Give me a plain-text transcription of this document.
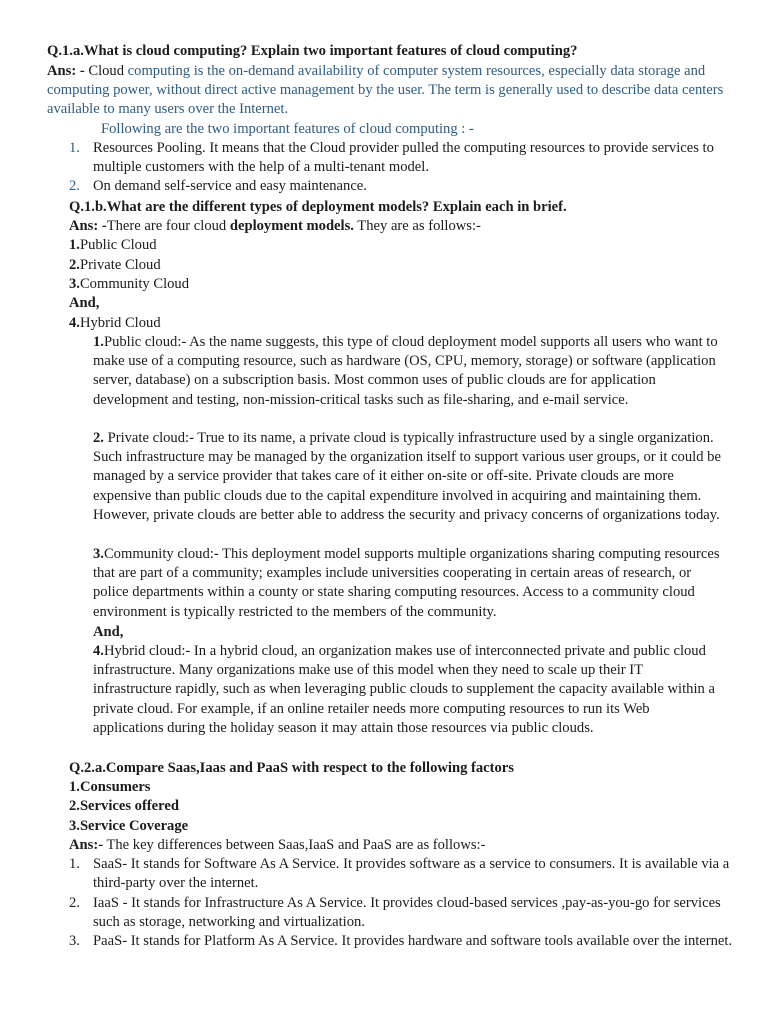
Q.1.a.What is cloud computing? Explain two important features of cloud computing?

Ans: - Cloud computing is the on-demand availability of computer system resources, especially data storage and computing power, without direct active management by the user. The term is generally used to describe data centers available to many users over the Internet.

Following are the two important features of cloud computing : -

1. Resources Pooling. It means that the Cloud provider pulled the computing resources to provide services to multiple customers with the help of a multi-tenant model.

2. On demand self-service and easy maintenance.

Q.1.b.What are the different types of deployment models? Explain each in brief.

Ans: -There are four cloud deployment models. They are as follows:-

1.Public Cloud

2.Private Cloud

3.Community Cloud

And,

4.Hybrid Cloud

1.Public cloud:- As the name suggests, this type of cloud deployment model supports all users who want to make use of a computing resource, such as hardware (OS, CPU, memory, storage) or software (application server, database) on a subscription basis. Most common uses of public clouds are for application development and testing, non-mission-critical tasks such as file-sharing, and e-mail service.

2. Private cloud:- True to its name, a private cloud is typically infrastructure used by a single organization. Such infrastructure may be managed by the organization itself to support various user groups, or it could be managed by a service provider that takes care of it either on-site or off-site. Private clouds are more expensive than public clouds due to the capital expenditure involved in acquiring and maintaining them. However, private clouds are better able to address the security and privacy concerns of organizations today.

3.Community cloud:- This deployment model supports multiple organizations sharing computing resources that are part of a community; examples include universities cooperating in certain areas of research, or police departments within a county or state sharing computing resources. Access to a community cloud environment is typically restricted to the members of the community.

And,

4.Hybrid cloud:- In a hybrid cloud, an organization makes use of interconnected private and public cloud infrastructure. Many organizations make use of this model when they need to scale up their IT infrastructure rapidly, such as when leveraging public clouds to supplement the capacity available within a private cloud. For example, if an online retailer needs more computing resources to run its Web applications during the holiday season it may attain those resources via public clouds.

Q.2.a.Compare Saas,Iaas and PaaS with respect to the following factors

1.Consumers

2.Services offered

3.Service Coverage

Ans:- The key differences between Saas,IaaS and PaaS are as follows:-

1. SaaS- It stands for Software As A Service. It provides software as a service to consumers. It is available via a third-party over the internet.

2. IaaS - It stands for Infrastructure As A Service. It provides cloud-based services ,pay-as-you-go for services such as storage, networking and virtualization.

3. PaaS- It stands for Platform As A Service. It provides hardware and software tools available over the internet.
